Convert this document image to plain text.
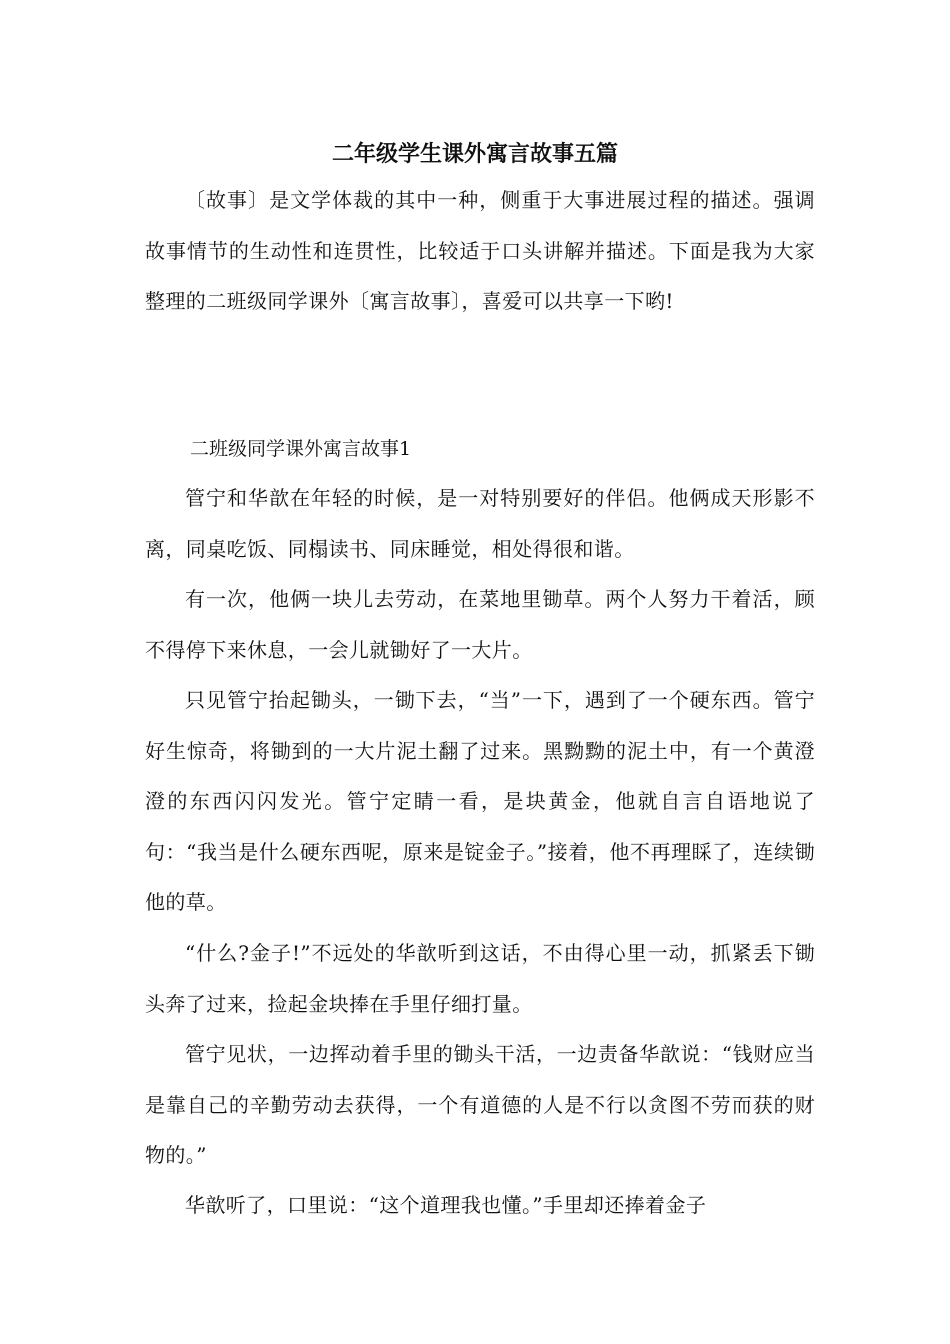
二年级学生课外寓言故事五篇

〔故事〕是文学体裁的其中一种，侧重于大事进展过程的描述。强调故事情节的生动性和连贯性，比较适于口头讲解并描述。下面是我为大家整理的二班级同学课外〔寓言故事〕，喜爱可以共享一下哟!

二班级同学课外寓言故事1

管宁和华歆在年轻的时候，是一对特别要好的伴侣。他俩成天形影不离，同桌吃饭、同榻读书、同床睡觉，相处得很和谐。

有一次，他俩一块儿去劳动，在菜地里锄草。两个人努力干着活，顾不得停下来休息，一会儿就锄好了一大片。

只见管宁抬起锄头，一锄下去，“当”一下，遇到了一个硬东西。管宁好生惊奇，将锄到的一大片泥土翻了过来。黑黝黝的泥土中，有一个黄澄澄的东西闪闪发光。管宁定睛一看，是块黄金，他就自言自语地说了句：“我当是什么硬东西呢，原来是锭金子。”接着，他不再理睬了，连续锄他的草。

“什么?金子!”不远处的华歆听到这话，不由得心里一动，抓紧丢下锄头奔了过来，捡起金块捧在手里仔细打量。

管宁见状，一边挥动着手里的锄头干活，一边责备华歆说：“钱财应当是靠自己的辛勤劳动去获得，一个有道德的人是不行以贪图不劳而获的财物的。”

华歆听了，口里说：“这个道理我也懂。”手里却还捧着金子
